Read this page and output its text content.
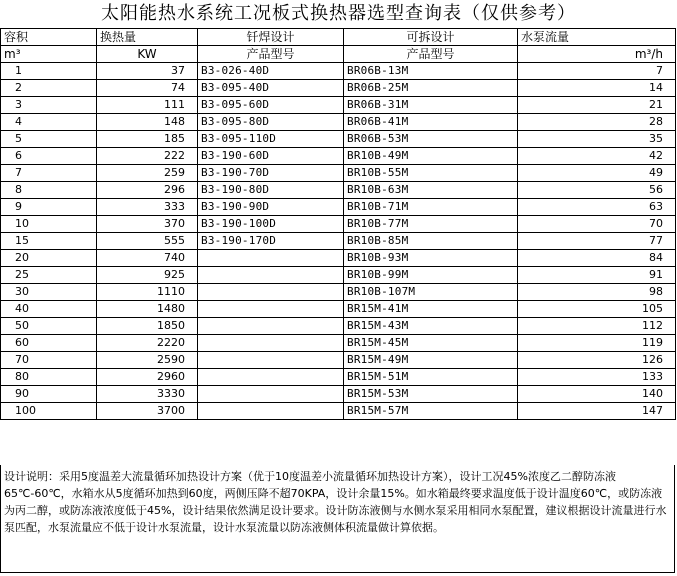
太阳能热水系统工况板式换热器选型查询表（仅供参考）
容积	换热量	钎焊设计	可拆设计	水泵流量
m³	KW	产品型号	产品型号	m³/h
1	37	B3-026-40D	BR06B-13M	7
2	74	B3-095-40D	BR06B-25M	14
3	111	B3-095-60D	BR06B-31M	21
4	148	B3-095-80D	BR06B-41M	28
5	185	B3-095-110D	BR06B-53M	35
6	222	B3-190-60D	BR10B-49M	42
7	259	B3-190-70D	BR10B-55M	49
8	296	B3-190-80D	BR10B-63M	56
9	333	B3-190-90D	BR10B-71M	63
10	370	B3-190-100D	BR10B-77M	70
15	555	B3-190-170D	BR10B-85M	77
20	740		BR10B-93M	84
25	925		BR10B-99M	91
30	1110		BR10B-107M	98
40	1480		BR15M-41M	105
50	1850		BR15M-43M	112
60	2220		BR15M-45M	119
70	2590		BR15M-49M	126
80	2960		BR15M-51M	133
90	3330		BR15M-53M	140
100	3700		BR15M-57M	147
设计说明：采用5度温差大流量循环加热设计方案（优于10度温差小流量循环加热设计方案），设计工况45%浓度乙二醇防冻液65℃-60℃，水箱水从5度循环加热到60度，两侧压降不超70KPA，设计余量15%。如水箱最终要求温度低于设计温度60℃，或防冻液为丙二醇，或防冻液浓度低于45%，设计结果依然满足设计要求。设计防冻液侧与水侧水泵采用相同水泵配置，建议根据设计流量进行水泵匹配，水泵流量应不低于设计水泵流量，设计水泵流量以防冻液侧体积流量做计算依据。
